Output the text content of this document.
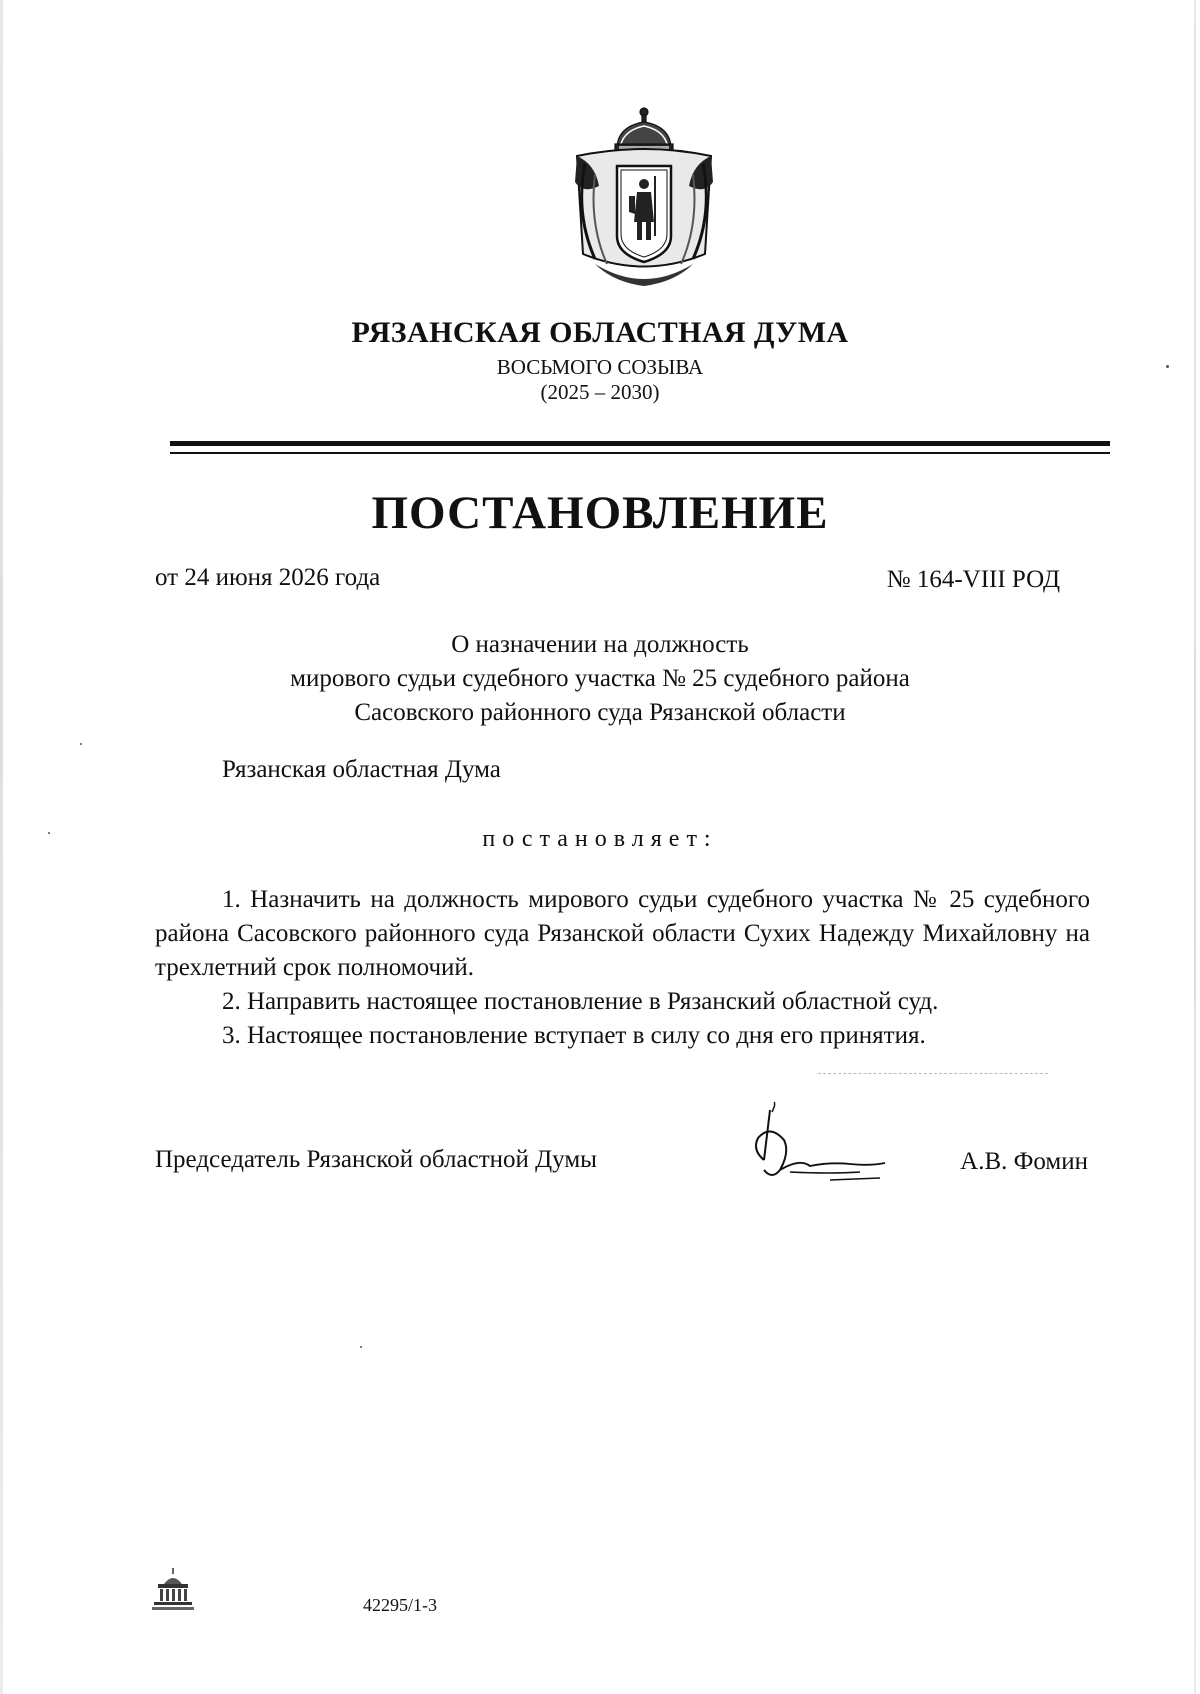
РЯЗАНСКАЯ ОБЛАСТНАЯ ДУМА
ВОСЬМОГО СОЗЫВА
(2025 – 2030)
ПОСТАНОВЛЕНИЕ
от 24 июня 2026 года	№ 164-VIII РОД
О назначении на должность
мирового судьи судебного участка № 25 судебного района
Сасовского районного суда Рязанской области
Рязанская областная Дума
постановляет:

1. Назначить на должность мирового судьи судебного участка № 25 судебного района Сасовского районного суда Рязанской области Сухих Надежду Михайловну на трехлетний срок полномочий.

2. Направить настоящее постановление в Рязанский областной суд.

3. Настоящее постановление вступает в силу со дня его принятия.

Председатель Рязанской областной Думы	А.В. Фомин
42295/1-3
